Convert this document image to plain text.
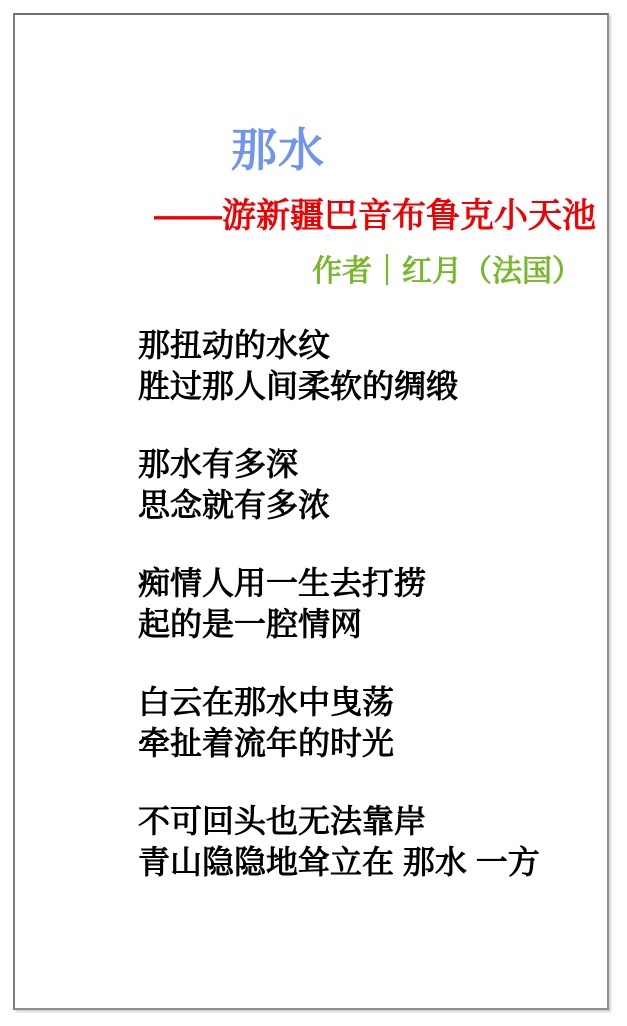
那水
——游新疆巴音布鲁克小天池
作者｜红月（法国）

那扭动的水纹
胜过那人间柔软的绸缎

那水有多深
思念就有多浓

痴情人用一生去打捞
起的是一腔情网

白云在那水中曳荡
牵扯着流年的时光

不可回头也无法靠岸
青山隐隐地耸立在 那水 一方
